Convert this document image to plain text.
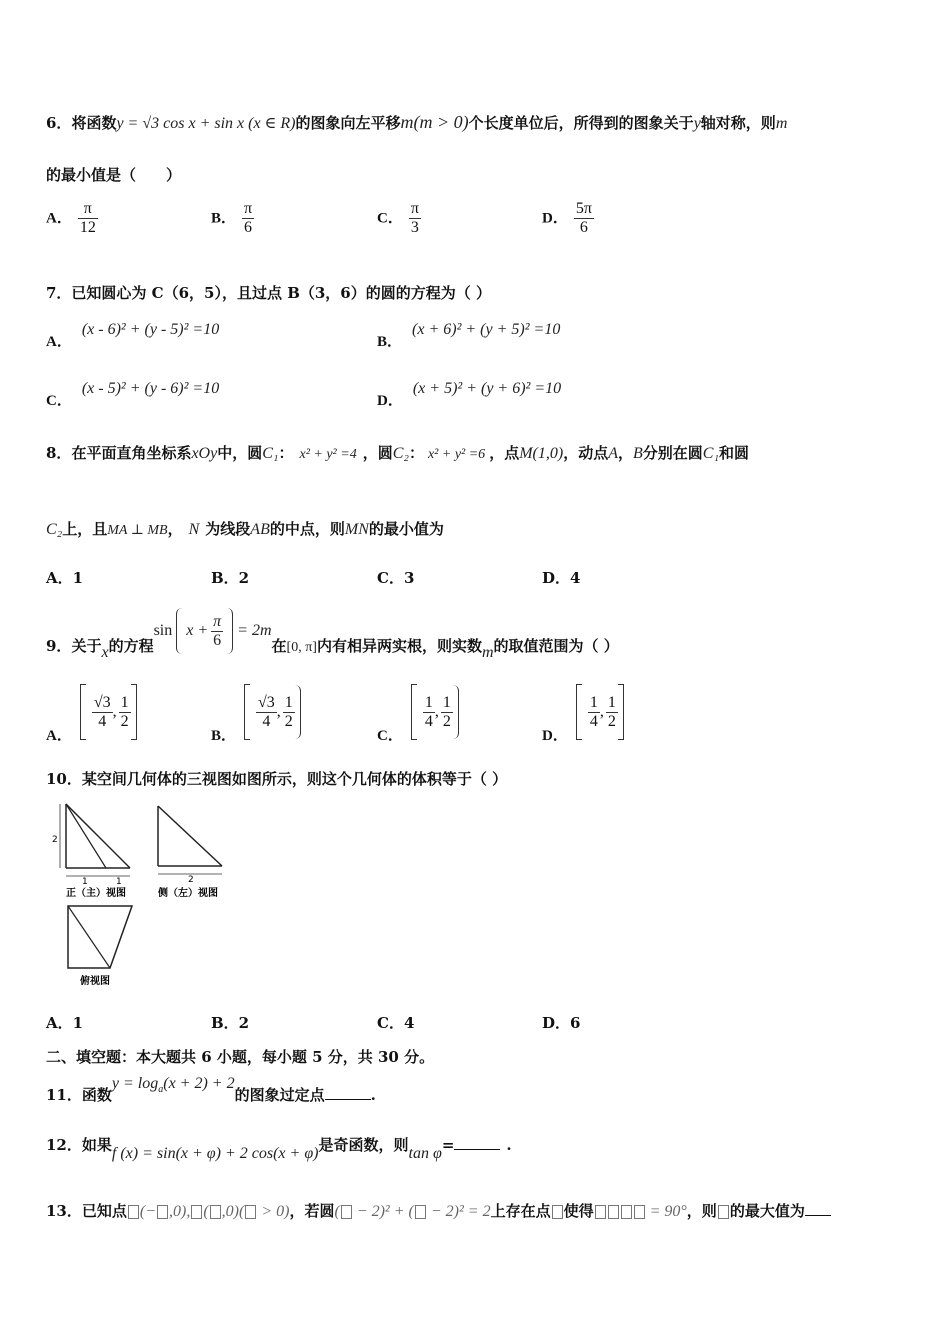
6．将函数y = √3 cos x + sin x (x ∈ R)的图象向左平移m(m > 0)个长度单位后，所得到的图象关于y轴对称，则m
的最小值是（　　）
A． $\frac{\pi}{12}$	B． $\frac{\pi}{6}$	C． $\frac{\pi}{3}$	D． $\frac{5\pi}{6}$
7．已知圆心为 C（6，5），且过点 B（3，6）的圆的方程为（ ）
A．(x - 6)² + (y - 5)² =10
B．(x + 6)² + (y + 5)² =10
C．(x - 5)² + (y - 6)² =10
D．(x + 5)² + (y + 6)² =10
8．在平面直角坐标系xOy中，圆C₁： x² + y² =4 ，圆C₂： x² + y² =6 ，点M(1,0)，动点A，B分别在圆C₁和圆
C₂上，且MA ⊥ MB， N 为线段AB的中点，则MN的最小值为
A．1	B．2	C．3	D．4
9．关于x的方程
$\sin x + \frac{\pi}{6} = 2m$
在[0, π]内有相异两实根，则实数m的取值范围为（ ）
A．
$\frac{√3}{4}$ , $\frac{1}{2}$
B．
$\frac{√3}{4}$ , $\frac{1}{2}$
C．
$\frac{1}{4}$ , $\frac{1}{2}$
D．
$\frac{1}{4}$ , $\frac{1}{2}$
10．某空间几何体的三视图如图所示，则这个几何体的体积等于（ ）
2
1	1
正（主）视图
2
侧（左）视图
俯视图
A．1	B．2	C．4	D．6
二、填空题：本大题共 6 小题，每小题 5 分，共 30 分。
11．函数$y = \log_a(x + 2) + 2$的图象过定点	.
12．如果f (x) = sin(x + φ) + 2 cos(x + φ)是奇函数，则tan φ=	.
13．已知点 (− ,0), ( ,0)( > 0)，若圆( − 2)² + ( − 2)² = 2上存在点 使得	= 90°，则 的最大值为
